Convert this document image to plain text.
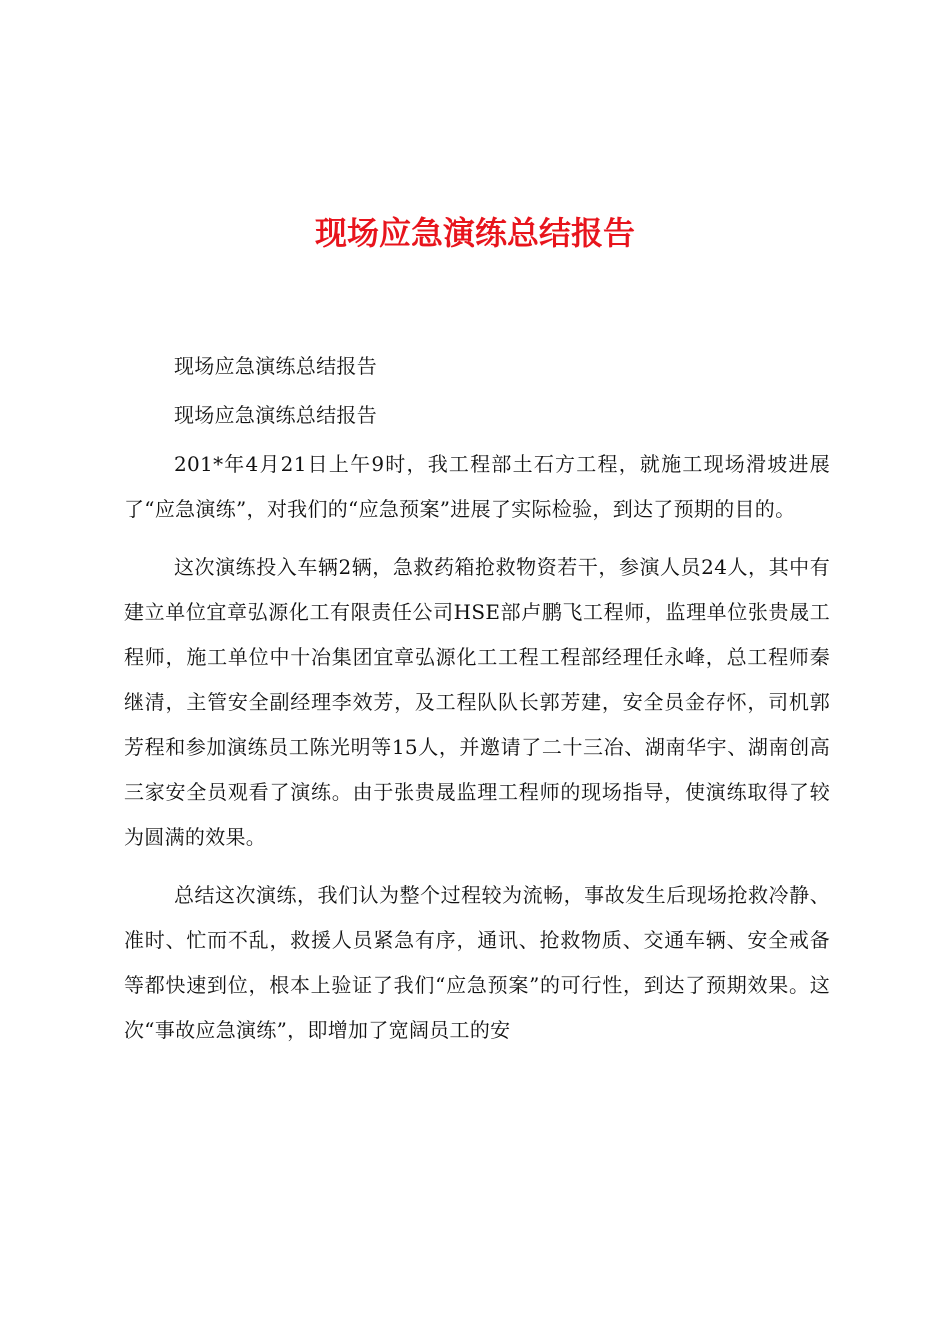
现场应急演练总结报告

现场应急演练总结报告

现场应急演练总结报告

201*年4月21日上午9时，我工程部土石方工程，就施工现场滑坡进展了“应急演练”，对我们的“应急预案”进展了实际检验，到达了预期的目的。

这次演练投入车辆2辆，急救药箱抢救物资若干，参演人员24人，其中有建立单位宜章弘源化工有限责任公司HSE部卢鹏飞工程师，监理单位张贵晟工程师，施工单位中十冶集团宜章弘源化工工程工程部经理任永峰，总工程师秦继清，主管安全副经理李效芳，及工程队队长郭芳建，安全员金存怀，司机郭芳程和参加演练员工陈光明等15人，并邀请了二十三冶、湖南华宇、湖南创高三家安全员观看了演练。由于张贵晟监理工程师的现场指导，使演练取得了较为圆满的效果。

总结这次演练，我们认为整个过程较为流畅，事故发生后现场抢救冷静、准时、忙而不乱，救援人员紧急有序，通讯、抢救物质、交通车辆、安全戒备等都快速到位，根本上验证了我们“应急预案”的可行性，到达了预期效果。这次“事故应急演练”，即增加了宽阔员工的安
